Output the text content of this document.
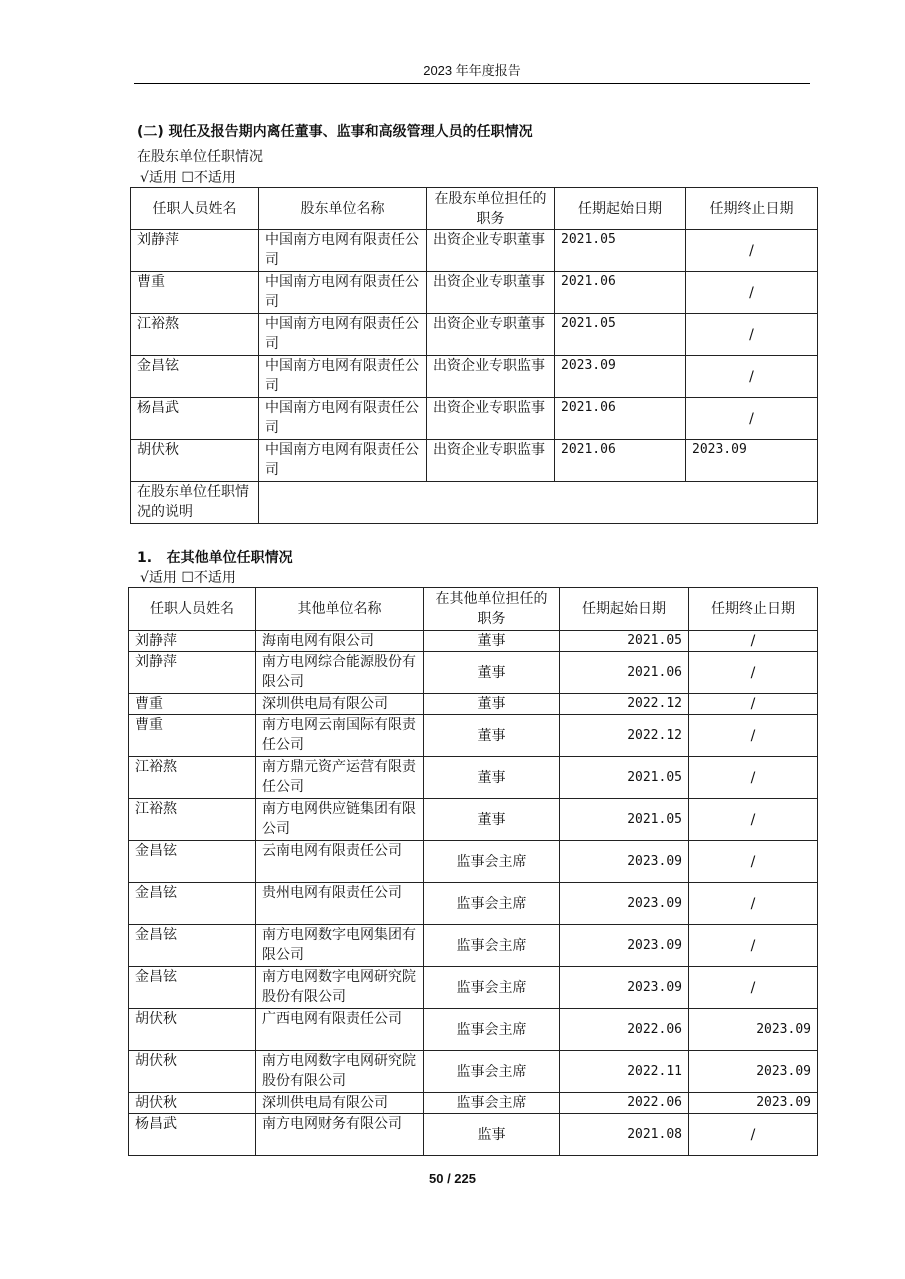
2023 年年度报告
(二) 现任及报告期内离任董事、监事和高级管理人员的任职情况
在股东单位任职情况
√适用 ☐不适用
任职人员姓名	股东单位名称	在股东单位担任的职务	任期起始日期	任期终止日期
刘静萍	中国南方电网有限责任公司	出资企业专职董事	2021.05	/
曹重	中国南方电网有限责任公司	出资企业专职董事	2021.06	/
江裕熬	中国南方电网有限责任公司	出资企业专职董事	2021.05	/
金昌铉	中国南方电网有限责任公司	出资企业专职监事	2023.09	/
杨昌武	中国南方电网有限责任公司	出资企业专职监事	2021.06	/
胡伏秋	中国南方电网有限责任公司	出资企业专职监事	2021.06	2023.09
在股东单位任职情况的说明				
1.   在其他单位任职情况
√适用 ☐不适用
任职人员姓名	其他单位名称	在其他单位担任的职务	任期起始日期	任期终止日期
刘静萍	海南电网有限公司	董事	2021.05	/
刘静萍	南方电网综合能源股份有限公司	董事	2021.06	/
曹重	深圳供电局有限公司	董事	2022.12	/
曹重	南方电网云南国际有限责任公司	董事	2022.12	/
江裕熬	南方鼎元资产运营有限责任公司	董事	2021.05	/
江裕熬	南方电网供应链集团有限公司	董事	2021.05	/
金昌铉	云南电网有限责任公司	监事会主席	2023.09	/
金昌铉	贵州电网有限责任公司	监事会主席	2023.09	/
金昌铉	南方电网数字电网集团有限公司	监事会主席	2023.09	/
金昌铉	南方电网数字电网研究院股份有限公司	监事会主席	2023.09	/
胡伏秋	广西电网有限责任公司	监事会主席	2022.06	2023.09
胡伏秋	南方电网数字电网研究院股份有限公司	监事会主席	2022.11	2023.09
胡伏秋	深圳供电局有限公司	监事会主席	2022.06	2023.09
杨昌武	南方电网财务有限公司	监事	2021.08	/
50 / 225
